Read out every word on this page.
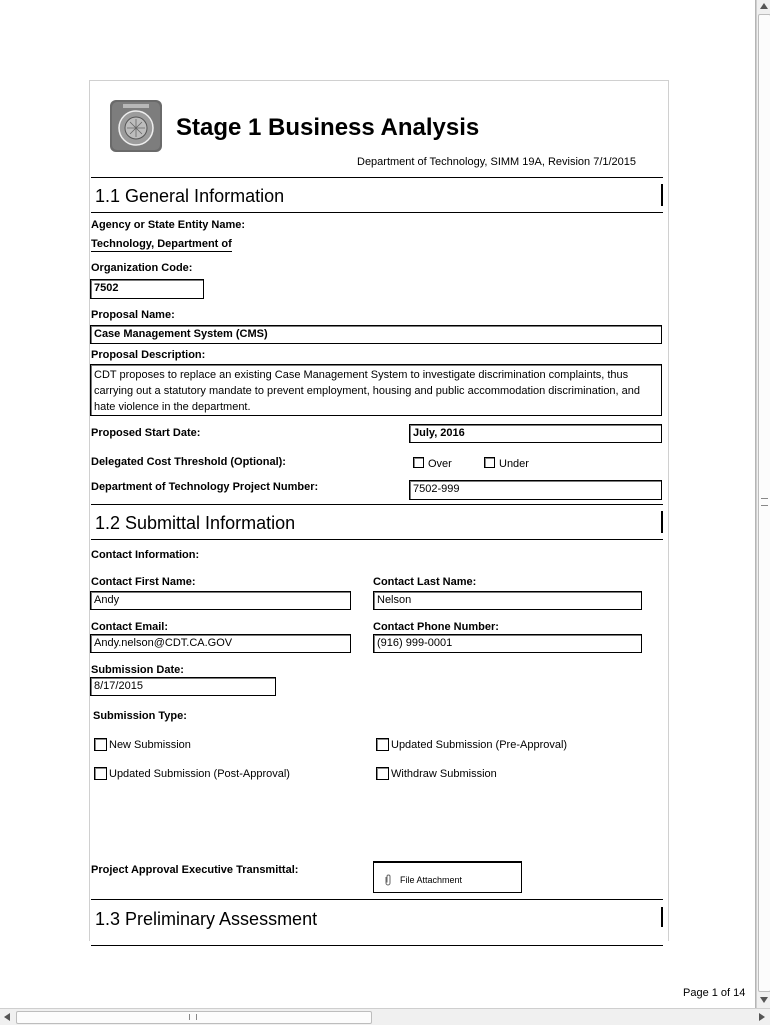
Stage 1 Business Analysis
Department of Technology, SIMM 19A, Revision 7/1/2015
1.1 General Information
Agency or State Entity Name:
Technology, Department of
Organization Code:
7502
Proposal Name:
Case Management System (CMS)
Proposal Description:
CDT proposes to replace an existing Case Management System to investigate discrimination complaints, thus carrying out a statutory mandate to prevent employment, housing and public accommodation discrimination, and hate violence in the department.
Proposed Start Date:	July, 2016
Delegated Cost Threshold (Optional):	Over	Under
Department of Technology Project Number:	7502-999
1.2 Submittal Information
Contact Information:
Contact First Name:
Andy
Contact Last Name:
Nelson
Contact Email:
Andy.nelson@CDT.CA.GOV
Contact Phone Number:
(916) 999-0001
Submission Date:
8/17/2015
Submission Type:
New Submission	Updated Submission (Pre-Approval)
Updated Submission (Post-Approval)	Withdraw Submission
Project Approval Executive Transmittal:
File Attachment
1.3 Preliminary Assessment
Page 1 of 14
